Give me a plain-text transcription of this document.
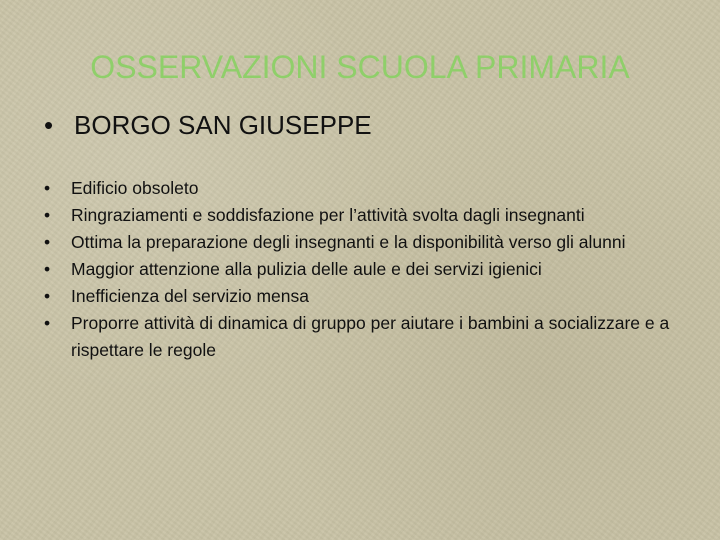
OSSERVAZIONI SCUOLA PRIMARIA
• BORGO SAN GIUSEPPE
•	Edificio obsoleto
•	Ringraziamenti e soddisfazione per l’attività svolta dagli insegnanti
•	Ottima la preparazione degli insegnanti e la disponibilità verso gli alunni
•	Maggior attenzione alla pulizia delle aule e dei servizi igienici
•	Inefficienza del servizio mensa
•	Proporre attività di dinamica di gruppo per aiutare i bambini a socializzare e a rispettare le regole
